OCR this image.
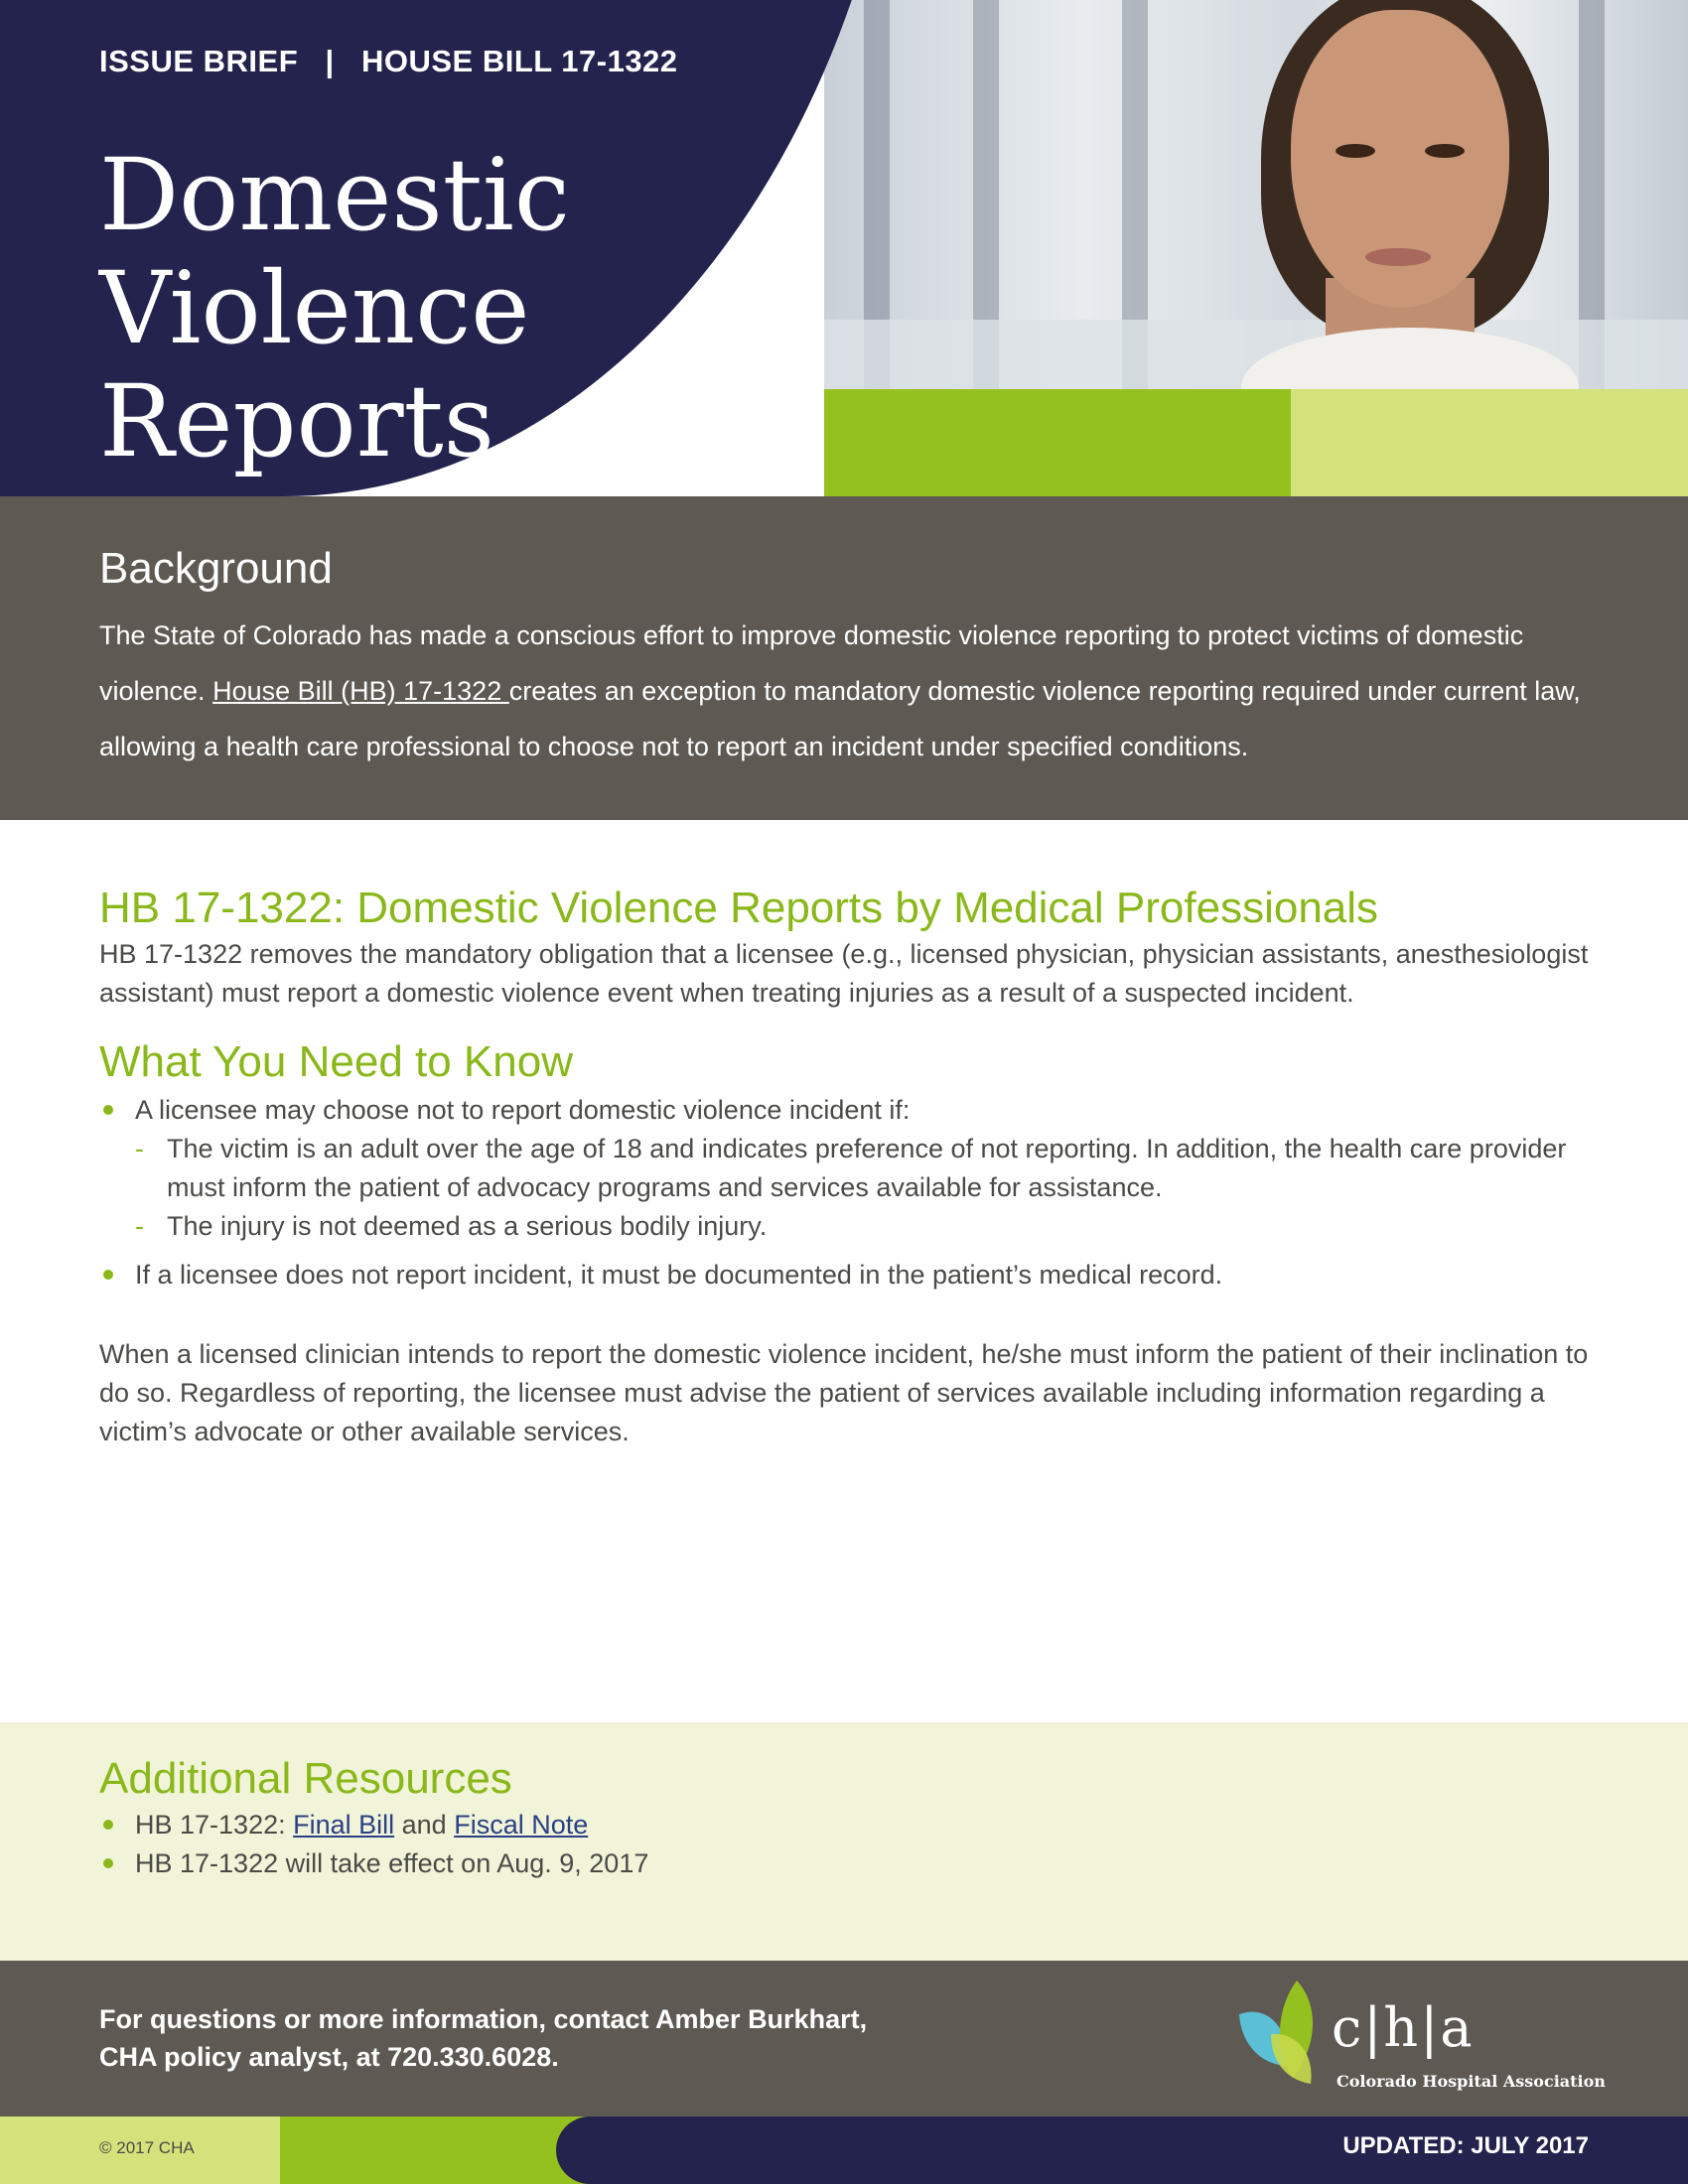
ISSUE BRIEF   |   HOUSE BILL 17-1322
Domestic
Violence Reports
Background

The State of Colorado has made a conscious effort to improve domestic violence reporting to protect victims of domestic violence. House Bill (HB) 17-1322 creates an exception to mandatory domestic violence reporting required under current law, allowing a health care professional to choose not to report an incident under specified conditions.

HB 17-1322: Domestic Violence Reports by Medical Professionals

HB 17-1322 removes the mandatory obligation that a licensee (e.g., licensed physician, physician assistants, anesthesiologist assistant) must report a domestic violence event when treating injuries as a result of a suspected incident.

What You Need to Know
A licensee may choose not to report domestic violence incident if:
- The victim is an adult over the age of 18 and indicates preference of not reporting. In addition, the health care provider must inform the patient of advocacy programs and services available for assistance.
- The injury is not deemed as a serious bodily injury.
If a licensee does not report incident, it must be documented in the patient’s medical record.

When a licensed clinician intends to report the domestic violence incident, he/she must inform the patient of their inclination to do so. Regardless of reporting, the licensee must advise the patient of services available including information regarding a victim’s advocate or other available services.

Additional Resources
HB 17-1322: Final Bill and Fiscal Note
HB 17-1322 will take effect on Aug. 9, 2017
For questions or more information, contact Amber Burkhart,
CHA policy analyst, at 720.330.6028.	c|h|a
Colorado Hospital Association
© 2017 CHA	UPDATED: JULY 2017
